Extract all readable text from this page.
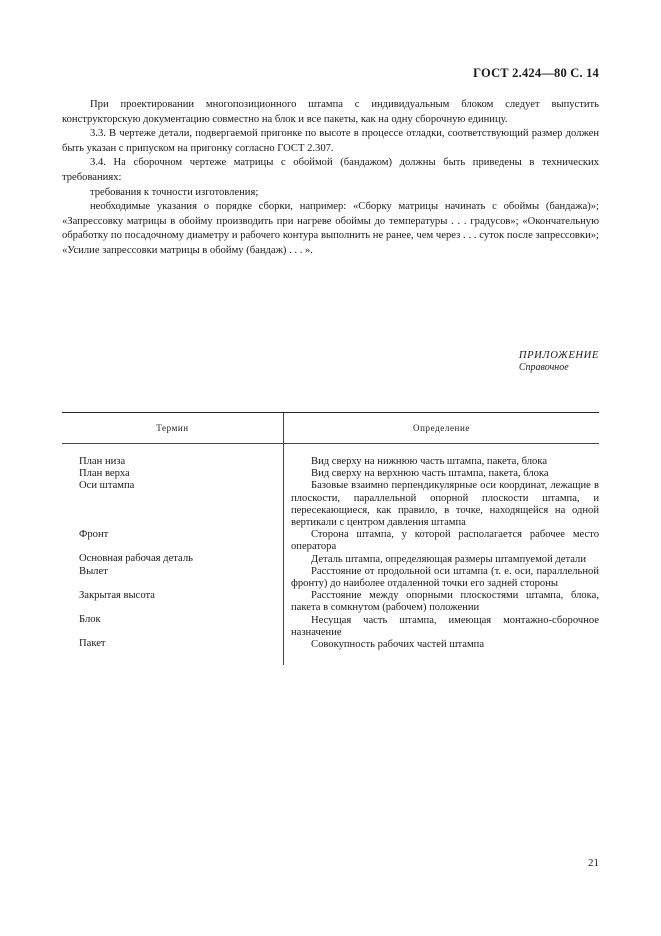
ГОСТ 2.424—80 С. 14

При проектировании многопозиционного штампа с индивидуальным блоком следует выпустить конструкторскую документацию совместно на блок и все пакеты, как на одну сборочную единицу.

3.3. В чертеже детали, подвергаемой пригонке по высоте в процессе отладки, соответствующий размер должен быть указан с припуском на пригонку согласно ГОСТ 2.307.

3.4. На сборочном чертеже матрицы с обоймой (бандажом) должны быть приведены в технических требованиях:

требования к точности изготовления;

необходимые указания о порядке сборки, например: «Сборку матрицы начинать с обоймы (бандажа)»; «Запрессовку матрицы в обойму производить при нагреве обоймы до температуры . . . градусов»; «Окончательную обработку по посадочному диаметру и рабочего контура выполнить не ранее, чем через . . . суток после запрессовки»; «Усилие запрессовки матрицы в обойму (бандаж) . . . ».

ПРИЛОЖЕНИЕ
Справочное
Термин	Определение
План низа
План верха
Оси штампа
Фронт
Основная рабочая деталь
Вылет
Закрытая высота
Блок
Пакет

Вид сверху на нижнюю часть штампа, пакета, блока

Вид сверху на верхнюю часть штампа, пакета, блока

Базовые взаимно перпендикулярные оси координат, лежащие в плоскости, параллельной опорной плоскости штампа, и пересекающиеся, как правило, в точке, находящейся на одной вертикали с центром давления штампа

Сторона штампа, у которой располагается рабочее место оператора

Деталь штампа, определяющая размеры штампуемой детали

Расстояние от продольной оси штампа (т. е. оси, параллельной фронту) до наиболее отдаленной точки его задней стороны

Расстояние между опорными плоскостями штампа, блока, пакета в сомкнутом (рабочем) положении

Несущая часть штампа, имеющая монтажно-сборочное назначение

Совокупность рабочих частей штампа

21
